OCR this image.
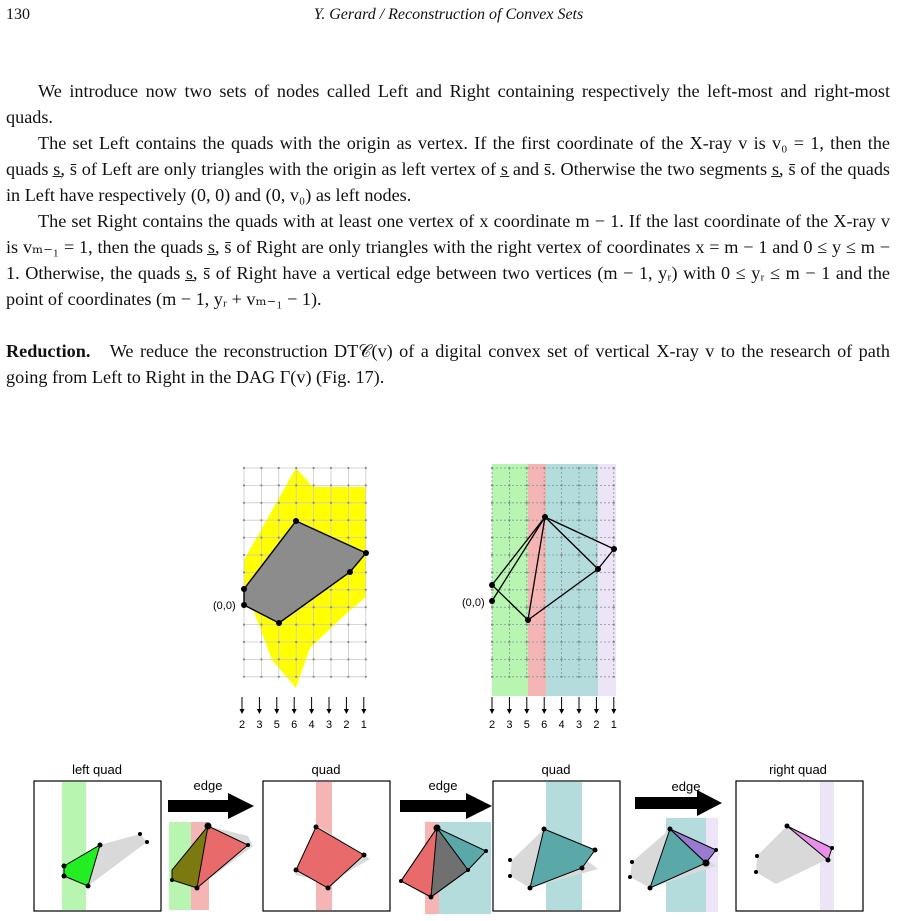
130	Y. Gerard / Reconstruction of Convex Sets

We introduce now two sets of nodes called Left and Right containing respectively the left-most and right-most quads.

The set Left contains the quads with the origin as vertex. If the first coordinate of the X-ray v is v₀ = 1, then the quads s̲, s̄ of Left are only triangles with the origin as left vertex of s̲ and s̄. Otherwise the two segments s̲, s̄ of the quads in Left have respectively (0, 0) and (0, v₀) as left nodes.

The set Right contains the quads with at least one vertex of x coordinate m − 1. If the last coordinate of the X-ray v is vₘ₋₁ = 1, then the quads s̲, s̄ of Right are only triangles with the right vertex of coordinates x = m − 1 and 0 ≤ y ≤ m − 1. Otherwise, the quads s̲, s̄ of Right have a vertical edge between two vertices (m − 1, yᵣ) with 0 ≤ yᵣ ≤ m − 1 and the point of coordinates (m − 1, yᵣ + vₘ₋₁ − 1).

Reduction. We reduce the reconstruction DT𝒞(v) of a digital convex set of vertical X-ray v to the research of path going from Left to Right in the DAG Γ(v) (Fig. 17).

(0,0)
2 3 5 6 4 3 2 1
(0,0)
2 3 5 6 4 3 2 1
left quad
edge
quad
edge
quad
edge
right quad
